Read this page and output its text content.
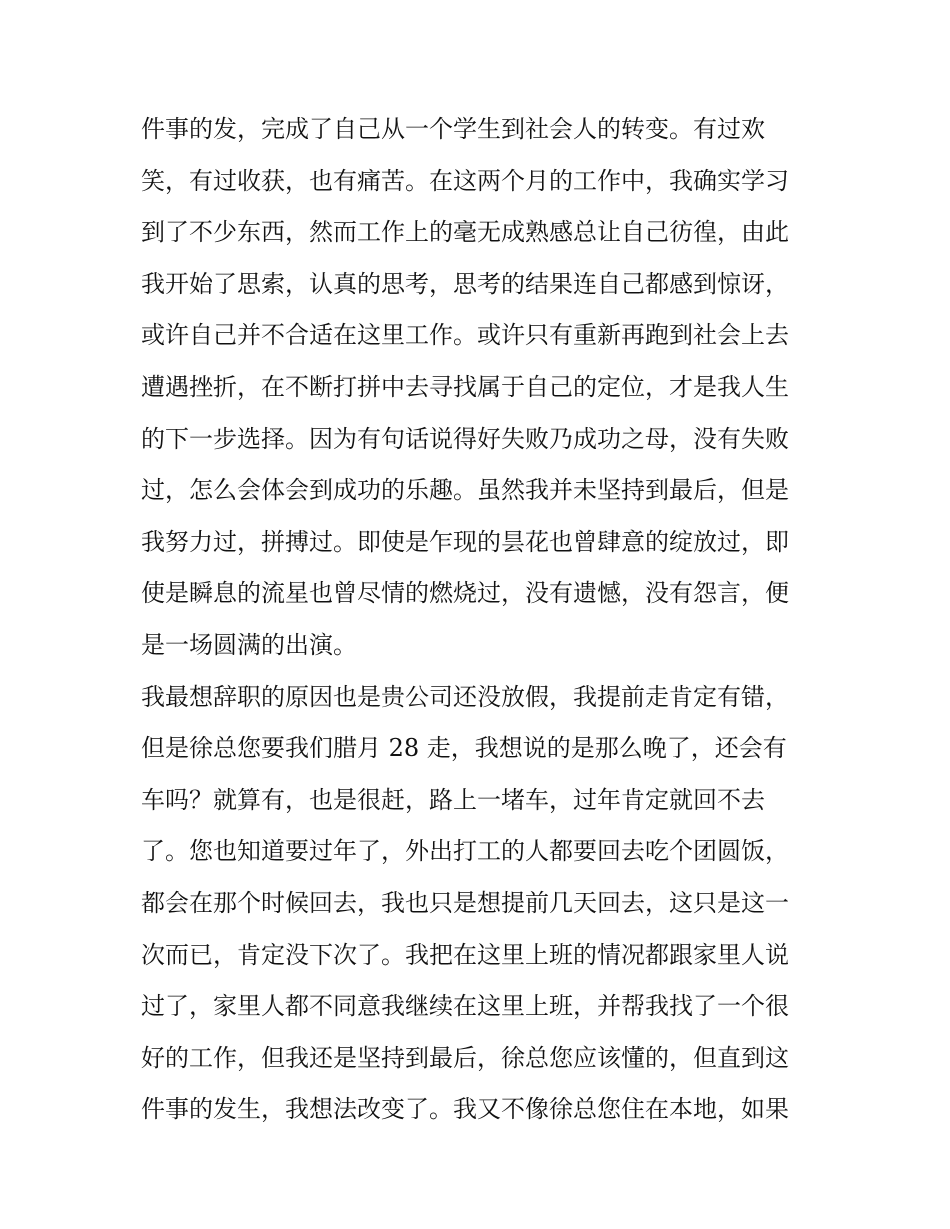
件事的发，完成了自己从一个学生到社会人的转变。有过欢
笑，有过收获，也有痛苦。在这两个月的工作中，我确实学习
到了不少东西，然而工作上的毫无成熟感总让自己彷徨，由此
我开始了思索，认真的思考，思考的结果连自己都感到惊讶，
或许自己并不合适在这里工作。或许只有重新再跑到社会上去
遭遇挫折，在不断打拼中去寻找属于自己的定位，才是我人生
的下一步选择。因为有句话说得好失败乃成功之母，没有失败
过，怎么会体会到成功的乐趣。虽然我并未坚持到最后，但是
我努力过，拼搏过。即使是乍现的昙花也曾肆意的绽放过，即
使是瞬息的流星也曾尽情的燃烧过，没有遗憾，没有怨言，便
是一场圆满的出演。
我最想辞职的原因也是贵公司还没放假，我提前走肯定有错，
但是徐总您要我们腊月 28 走，我想说的是那么晚了，还会有
车吗？就算有，也是很赶，路上一堵车，过年肯定就回不去
了。您也知道要过年了，外出打工的人都要回去吃个团圆饭，
都会在那个时候回去，我也只是想提前几天回去，这只是这一
次而已，肯定没下次了。我把在这里上班的情况都跟家里人说
过了，家里人都不同意我继续在这里上班，并帮我找了一个很
好的工作，但我还是坚持到最后，徐总您应该懂的，但直到这
件事的发生，我想法改变了。我又不像徐总您住在本地，如果
